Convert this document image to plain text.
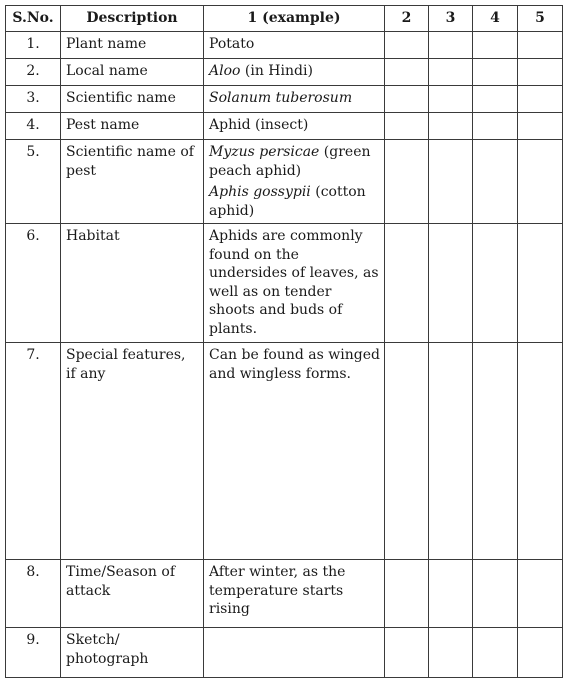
S.No.	Description	1 (example)	2	3	4	5
1.	Plant name	Potato				

2.	Local name	Aloo (in Hindi)				

3.	Scientific name	Solanum tuberosum				

4.	Pest name	Aphid (insect)				

5.	Scientific name of pest	Myzus persicae (green peach aphid)
Aphis gossypii (cotton aphid)				

6.	Habitat	Aphids are commonly found on the undersides of leaves, as well as on tender shoots and buds of plants.				

7.	Special features, if any	Can be found as winged and wingless forms.				

8.	Time/Season of attack	After winter, as the temperature starts rising				

9.	Sketch/ photograph					
